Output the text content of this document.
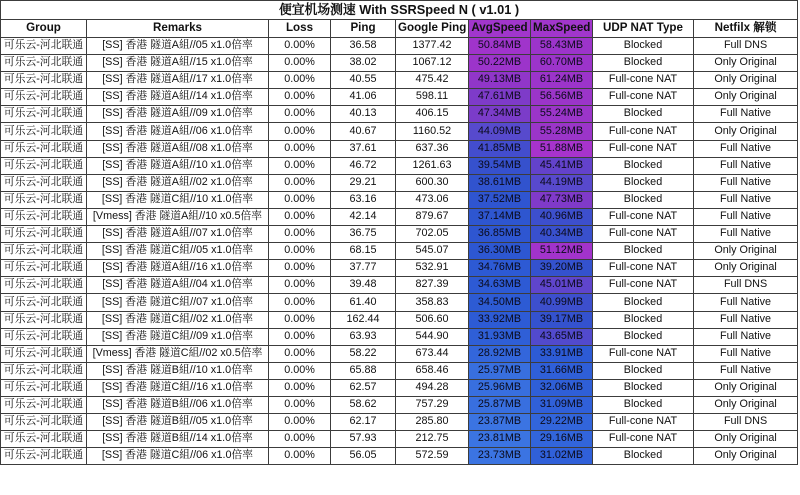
便宜机场测速 With SSRSpeed N ( v1.01 )								
Group	Remarks	Loss	Ping	Google Ping	AvgSpeed	MaxSpeed	UDP NAT Type	Netfilx 解锁
可乐云-河北联通	[SS] 香港 隧道A組//05 x1.0倍率	0.00%	36.58	1377.42	50.84MB	58.43MB	Blocked	Full DNS
可乐云-河北联通	[SS] 香港 隧道A組//15 x1.0倍率	0.00%	38.02	1067.12	50.22MB	60.70MB	Blocked	Only Original
可乐云-河北联通	[SS] 香港 隧道A組//17 x1.0倍率	0.00%	40.55	475.42	49.13MB	61.24MB	Full-cone NAT	Only Original
可乐云-河北联通	[SS] 香港 隧道A組//14 x1.0倍率	0.00%	41.06	598.11	47.61MB	56.56MB	Full-cone NAT	Only Original
可乐云-河北联通	[SS] 香港 隧道A組//09 x1.0倍率	0.00%	40.13	406.15	47.34MB	55.24MB	Blocked	Full Native
可乐云-河北联通	[SS] 香港 隧道A組//06 x1.0倍率	0.00%	40.67	1160.52	44.09MB	55.28MB	Full-cone NAT	Only Original
可乐云-河北联通	[SS] 香港 隧道A組//08 x1.0倍率	0.00%	37.61	637.36	41.85MB	51.88MB	Full-cone NAT	Full Native
可乐云-河北联通	[SS] 香港 隧道A組//10 x1.0倍率	0.00%	46.72	1261.63	39.54MB	45.41MB	Blocked	Full Native
可乐云-河北联通	[SS] 香港 隧道A組//02 x1.0倍率	0.00%	29.21	600.30	38.61MB	44.19MB	Blocked	Full Native
可乐云-河北联通	[SS] 香港 隧道C組//10 x1.0倍率	0.00%	63.16	473.06	37.52MB	47.73MB	Blocked	Full Native
可乐云-河北联通	[Vmess] 香港 隧道A組//10 x0.5倍率	0.00%	42.14	879.67	37.14MB	40.96MB	Full-cone NAT	Full Native
可乐云-河北联通	[SS] 香港 隧道A組//07 x1.0倍率	0.00%	36.75	702.05	36.85MB	40.34MB	Full-cone NAT	Full Native
可乐云-河北联通	[SS] 香港 隧道C組//05 x1.0倍率	0.00%	68.15	545.07	36.30MB	51.12MB	Blocked	Only Original
可乐云-河北联通	[SS] 香港 隧道A組//16 x1.0倍率	0.00%	37.77	532.91	34.76MB	39.20MB	Full-cone NAT	Only Original
可乐云-河北联通	[SS] 香港 隧道A組//04 x1.0倍率	0.00%	39.48	827.39	34.63MB	45.01MB	Full-cone NAT	Full DNS
可乐云-河北联通	[SS] 香港 隧道C組//07 x1.0倍率	0.00%	61.40	358.83	34.50MB	40.99MB	Blocked	Full Native
可乐云-河北联通	[SS] 香港 隧道C組//02 x1.0倍率	0.00%	162.44	506.60	33.92MB	39.17MB	Blocked	Full Native
可乐云-河北联通	[SS] 香港 隧道C組//09 x1.0倍率	0.00%	63.93	544.90	31.93MB	43.65MB	Blocked	Full Native
可乐云-河北联通	[Vmess] 香港 隧道C組//02 x0.5倍率	0.00%	58.22	673.44	28.92MB	33.91MB	Full-cone NAT	Full Native
可乐云-河北联通	[SS] 香港 隧道B組//10 x1.0倍率	0.00%	65.88	658.46	25.97MB	31.66MB	Blocked	Full Native
可乐云-河北联通	[SS] 香港 隧道C組//16 x1.0倍率	0.00%	62.57	494.28	25.96MB	32.06MB	Blocked	Only Original
可乐云-河北联通	[SS] 香港 隧道B組//06 x1.0倍率	0.00%	58.62	757.29	25.87MB	31.09MB	Blocked	Only Original
可乐云-河北联通	[SS] 香港 隧道B組//05 x1.0倍率	0.00%	62.17	285.80	23.87MB	29.22MB	Full-cone NAT	Full DNS
可乐云-河北联通	[SS] 香港 隧道B組//14 x1.0倍率	0.00%	57.93	212.75	23.81MB	29.16MB	Full-cone NAT	Only Original
可乐云-河北联通	[SS] 香港 隧道C組//06 x1.0倍率	0.00%	56.05	572.59	23.73MB	31.02MB	Blocked	Only Original
